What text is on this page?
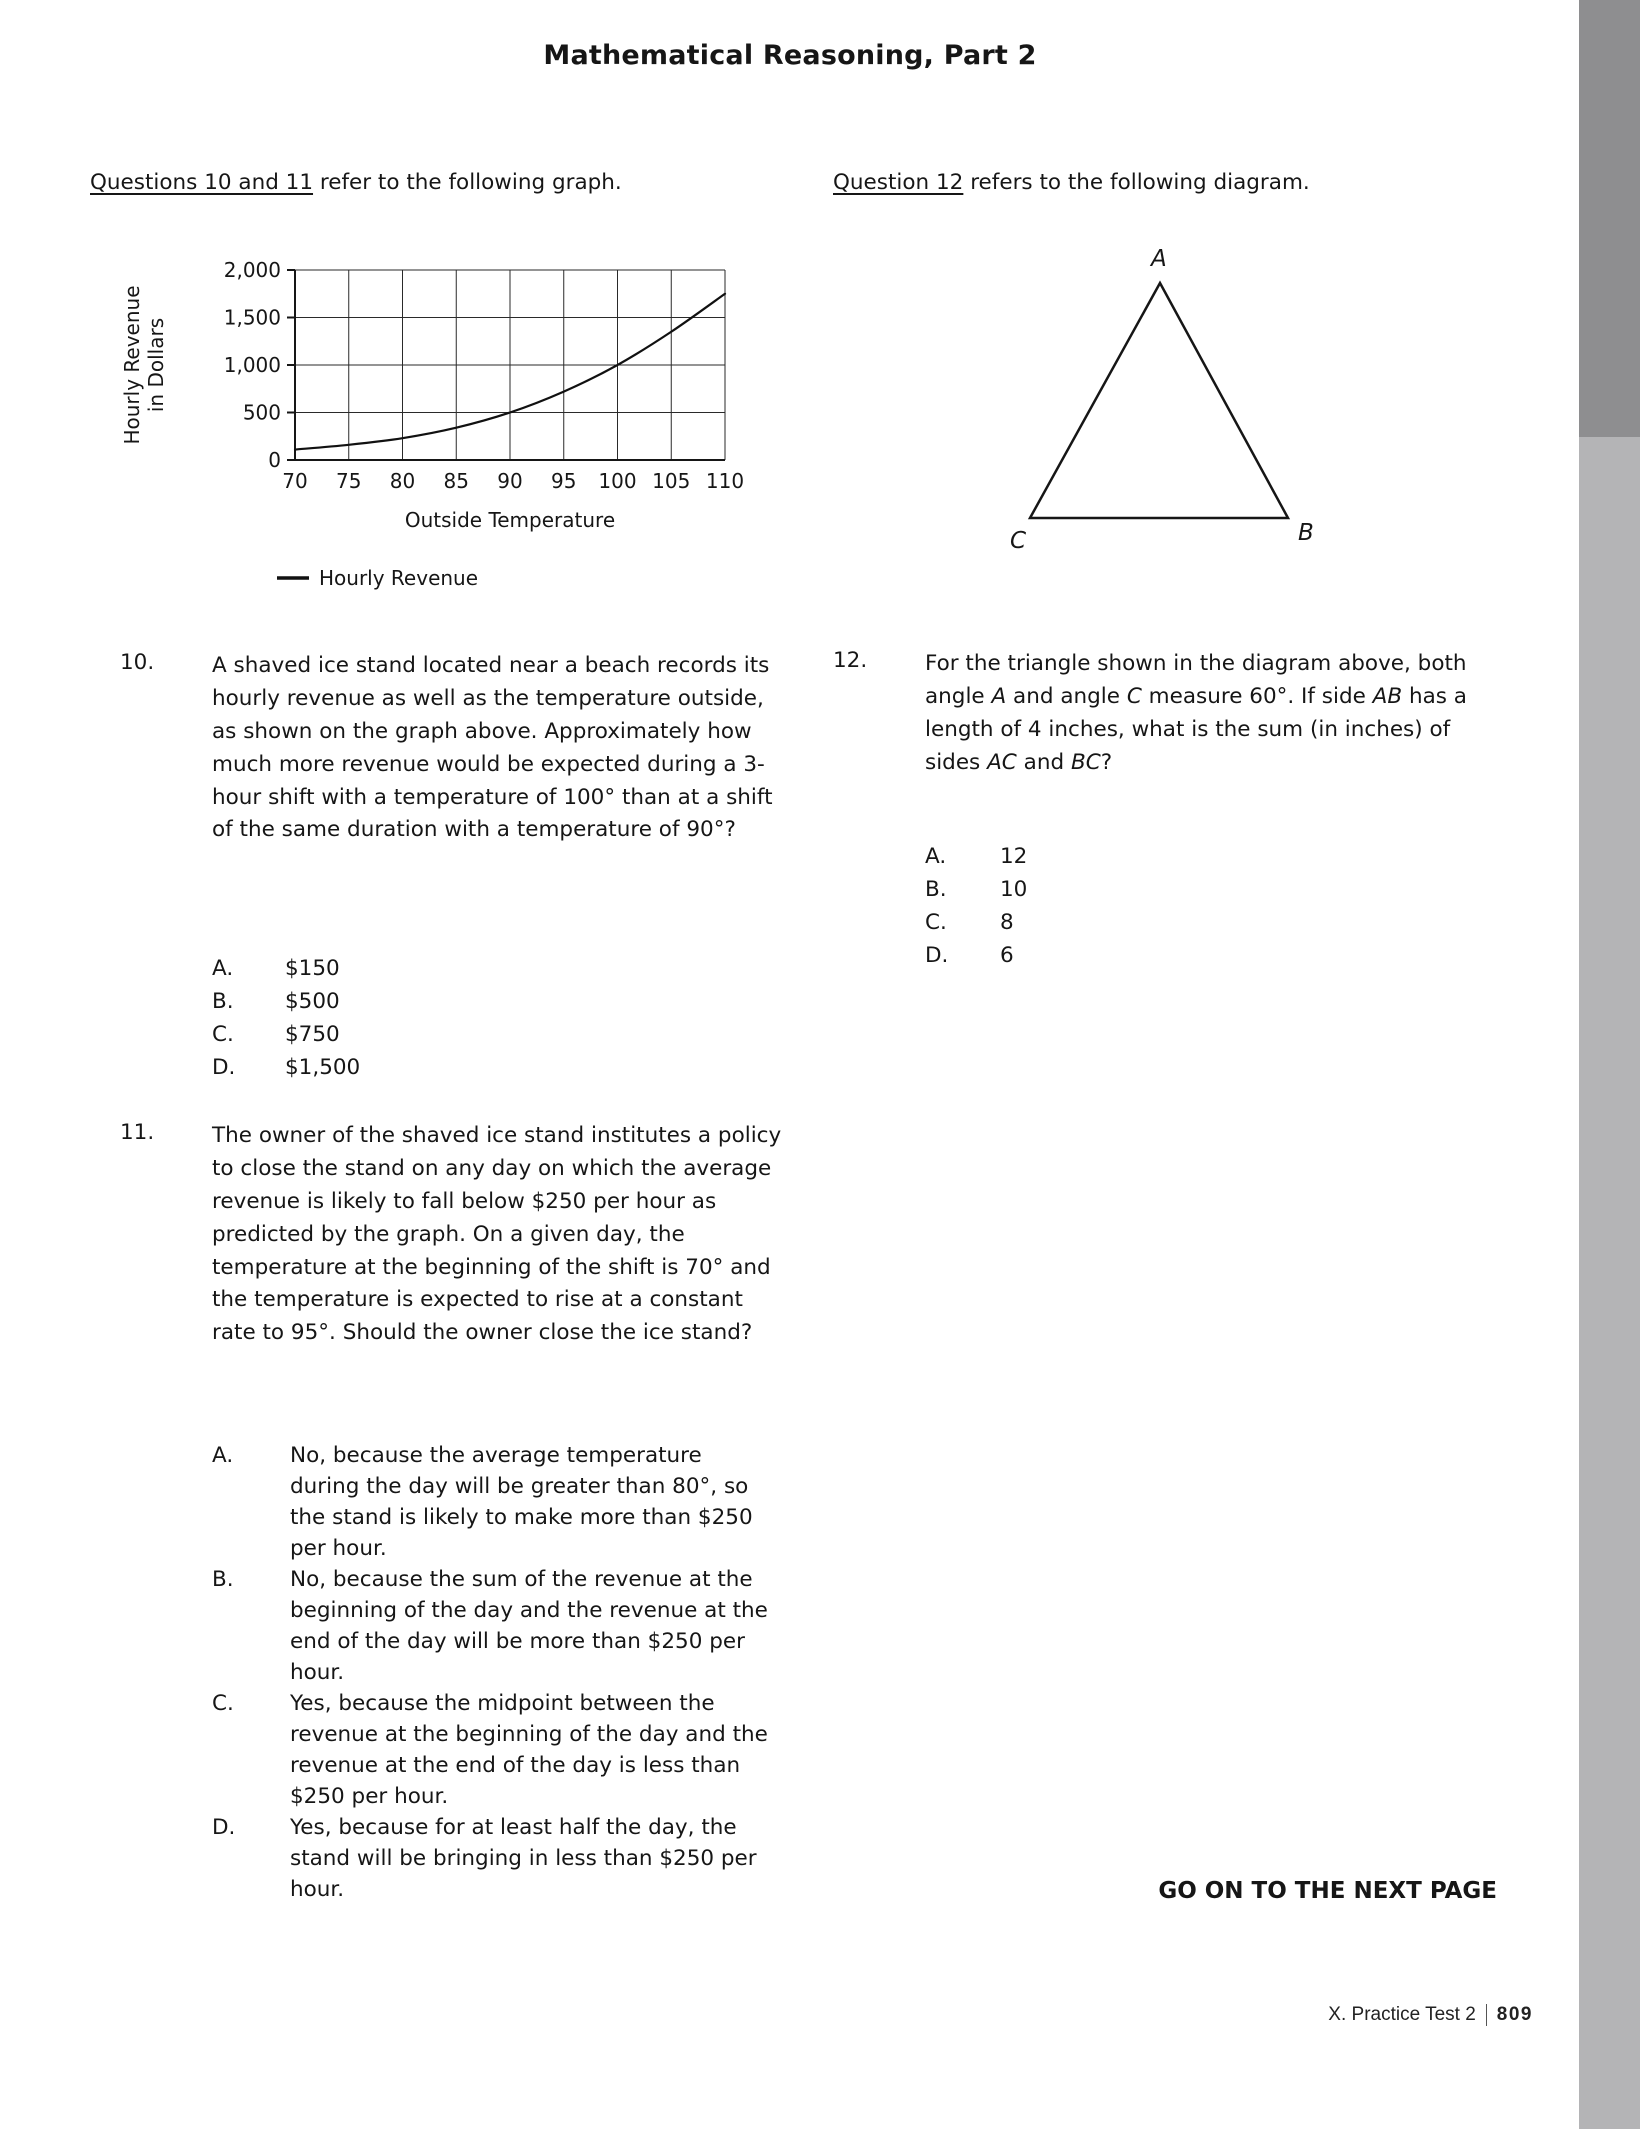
Mathematical Reasoning, Part 2
Questions 10 and 11 refer to the following graph.	Question 12 refers to the following diagram.
0
500
1,000
1,500
2,000
70 75 80 85 90 95 100 105 110
Outside Temperature
Hourly Revenue in Dollars
Hourly Revenue
A
B
C
10.	A shaved ice stand located near a beach records its hourly revenue as well as the temperature outside, as shown on the graph above. Approximately how much more revenue would be expected during a 3-hour shift with a temperature of 100° than at a shift of the same duration with a temperature of 90°?
A.	$150
B.	$500
C.	$750
D.	$1,500
11.	The owner of the shaved ice stand institutes a policy to close the stand on any day on which the average revenue is likely to fall below $250 per hour as predicted by the graph. On a given day, the temperature at the beginning of the shift is 70° and the temperature is expected to rise at a constant rate to 95°. Should the owner close the ice stand?
A.	No, because the average temperature during the day will be greater than 80°, so the stand is likely to make more than $250 per hour.
B.	No, because the sum of the revenue at the beginning of the day and the revenue at the end of the day will be more than $250 per hour.
C.	Yes, because the midpoint between the revenue at the beginning of the day and the revenue at the end of the day is less than $250 per hour.
D.	Yes, because for at least half the day, the stand will be bringing in less than $250 per hour.
12.	For the triangle shown in the diagram above, both angle A and angle C measure 60°. If side AB has a length of 4 inches, what is the sum (in inches) of sides AC and BC?
A.	12
B.	10
C.	8
D.	6
GO ON TO THE NEXT PAGE
X. Practice Test 2 809
